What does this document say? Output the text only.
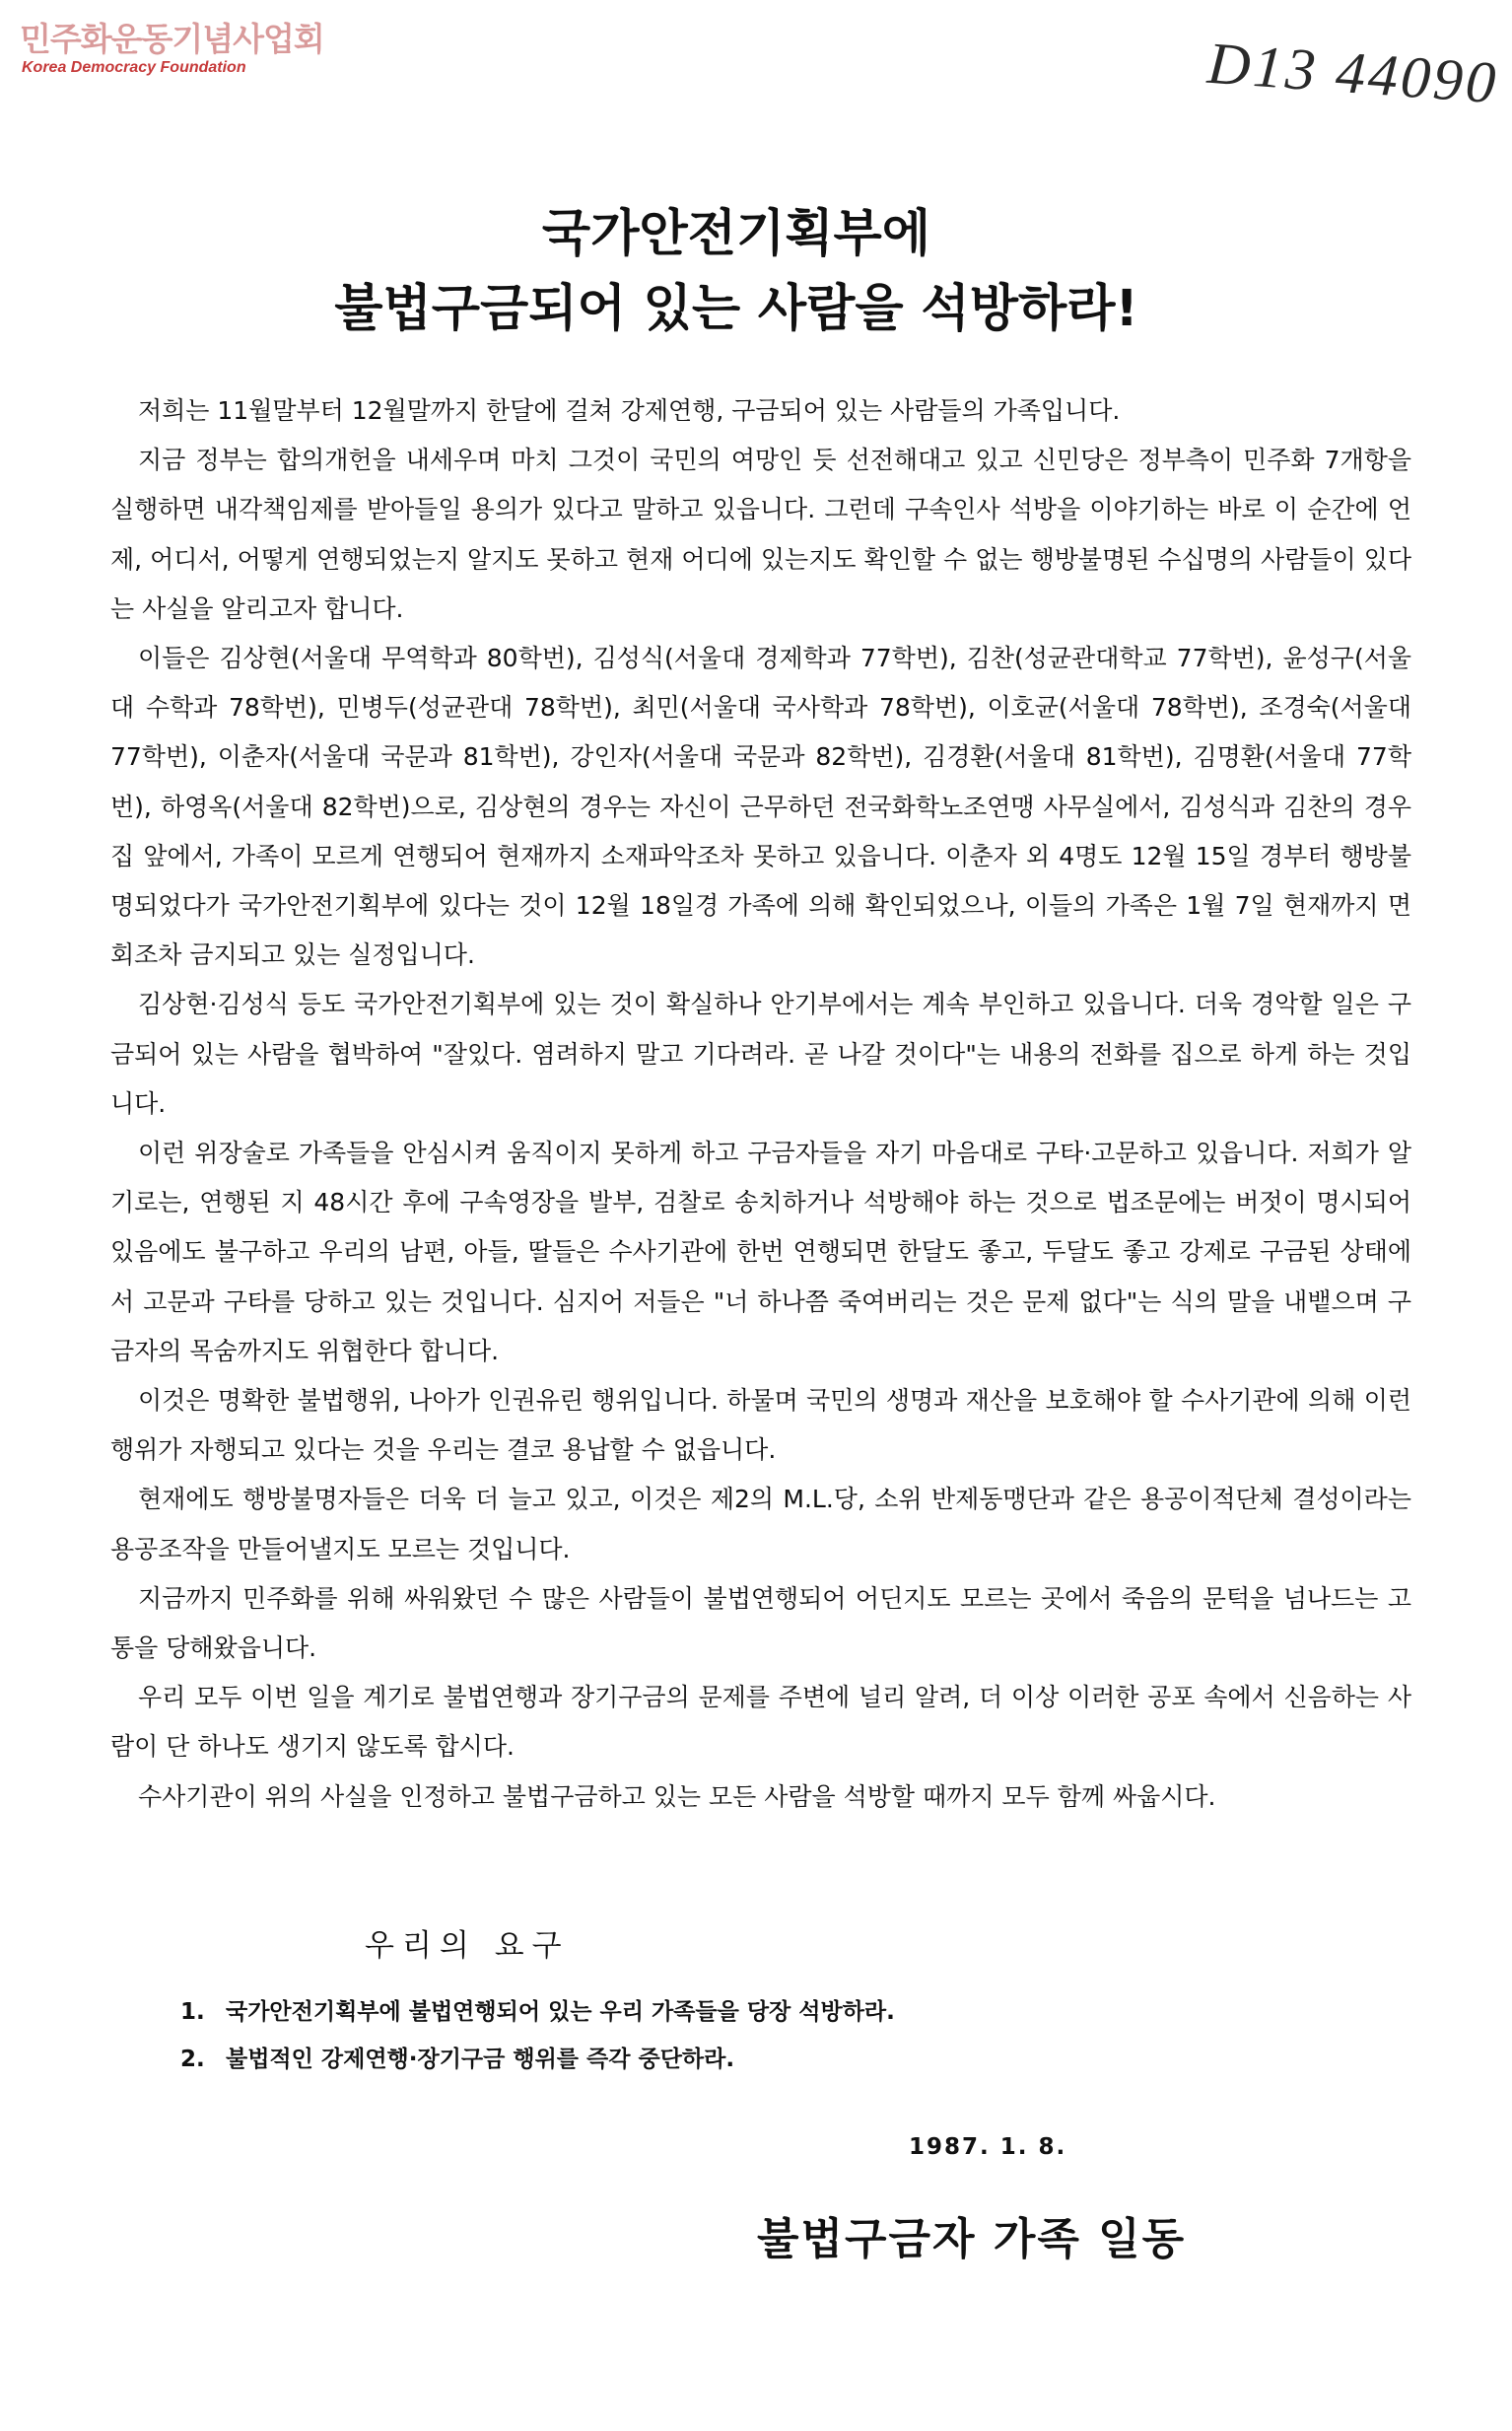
민주화운동기념사업회
Korea Democracy Foundation	D13 44090
국가안전기획부에
불법구금되어 있는 사람을 석방하라!

저희는 11월말부터 12월말까지 한달에 걸쳐 강제연행, 구금되어 있는 사람들의 가족입니다.

지금 정부는 합의개헌을 내세우며 마치 그것이 국민의 여망인 듯 선전해대고 있고 신민당은 정부측이 민주화 7개항을 실행하면 내각책임제를 받아들일 용의가 있다고 말하고 있읍니다. 그런데 구속인사 석방을 이야기하는 바로 이 순간에 언제, 어디서, 어떻게 연행되었는지 알지도 못하고 현재 어디에 있는지도 확인할 수 없는 행방불명된 수십명의 사람들이 있다는 사실을 알리고자 합니다.

이들은 김상현(서울대 무역학과 80학번), 김성식(서울대 경제학과 77학번), 김찬(성균관대학교 77학번), 윤성구(서울대 수학과 78학번), 민병두(성균관대 78학번), 최민(서울대 국사학과 78학번), 이호균(서울대 78학번), 조경숙(서울대 77학번), 이춘자(서울대 국문과 81학번), 강인자(서울대 국문과 82학번), 김경환(서울대 81학번), 김명환(서울대 77학번), 하영옥(서울대 82학번)으로, 김상현의 경우는 자신이 근무하던 전국화학노조연맹 사무실에서, 김성식과 김찬의 경우 집 앞에서, 가족이 모르게 연행되어 현재까지 소재파악조차 못하고 있읍니다. 이춘자 외 4명도 12월 15일 경부터 행방불명되었다가 국가안전기획부에 있다는 것이 12월 18일경 가족에 의해 확인되었으나, 이들의 가족은 1월 7일 현재까지 면회조차 금지되고 있는 실정입니다.

김상현·김성식 등도 국가안전기획부에 있는 것이 확실하나 안기부에서는 계속 부인하고 있읍니다. 더욱 경악할 일은 구금되어 있는 사람을 협박하여 "잘있다. 염려하지 말고 기다려라. 곧 나갈 것이다"는 내용의 전화를 집으로 하게 하는 것입니다.

이런 위장술로 가족들을 안심시켜 움직이지 못하게 하고 구금자들을 자기 마음대로 구타·고문하고 있읍니다. 저희가 알기로는, 연행된 지 48시간 후에 구속영장을 발부, 검찰로 송치하거나 석방해야 하는 것으로 법조문에는 버젓이 명시되어 있음에도 불구하고 우리의 남편, 아들, 딸들은 수사기관에 한번 연행되면 한달도 좋고, 두달도 좋고 강제로 구금된 상태에서 고문과 구타를 당하고 있는 것입니다. 심지어 저들은 "너 하나쯤 죽여버리는 것은 문제 없다"는 식의 말을 내뱉으며 구금자의 목숨까지도 위협한다 합니다.

이것은 명확한 불법행위, 나아가 인권유린 행위입니다. 하물며 국민의 생명과 재산을 보호해야 할 수사기관에 의해 이런 행위가 자행되고 있다는 것을 우리는 결코 용납할 수 없읍니다.

현재에도 행방불명자들은 더욱 더 늘고 있고, 이것은 제2의 M.L.당, 소위 반제동맹단과 같은 용공이적단체 결성이라는 용공조작을 만들어낼지도 모르는 것입니다.

지금까지 민주화를 위해 싸워왔던 수 많은 사람들이 불법연행되어 어딘지도 모르는 곳에서 죽음의 문턱을 넘나드는 고통을 당해왔읍니다.

우리 모두 이번 일을 계기로 불법연행과 장기구금의 문제를 주변에 널리 알려, 더 이상 이러한 공포 속에서 신음하는 사람이 단 하나도 생기지 않도록 합시다.

수사기관이 위의 사실을 인정하고 불법구금하고 있는 모든 사람을 석방할 때까지 모두 함께 싸웁시다.

우리의 요구
1. 국가안전기획부에 불법연행되어 있는 우리 가족들을 당장 석방하라.
2. 불법적인 강제연행·장기구금 행위를 즉각 중단하라.
1987. 1. 8.
불법구금자 가족 일동
